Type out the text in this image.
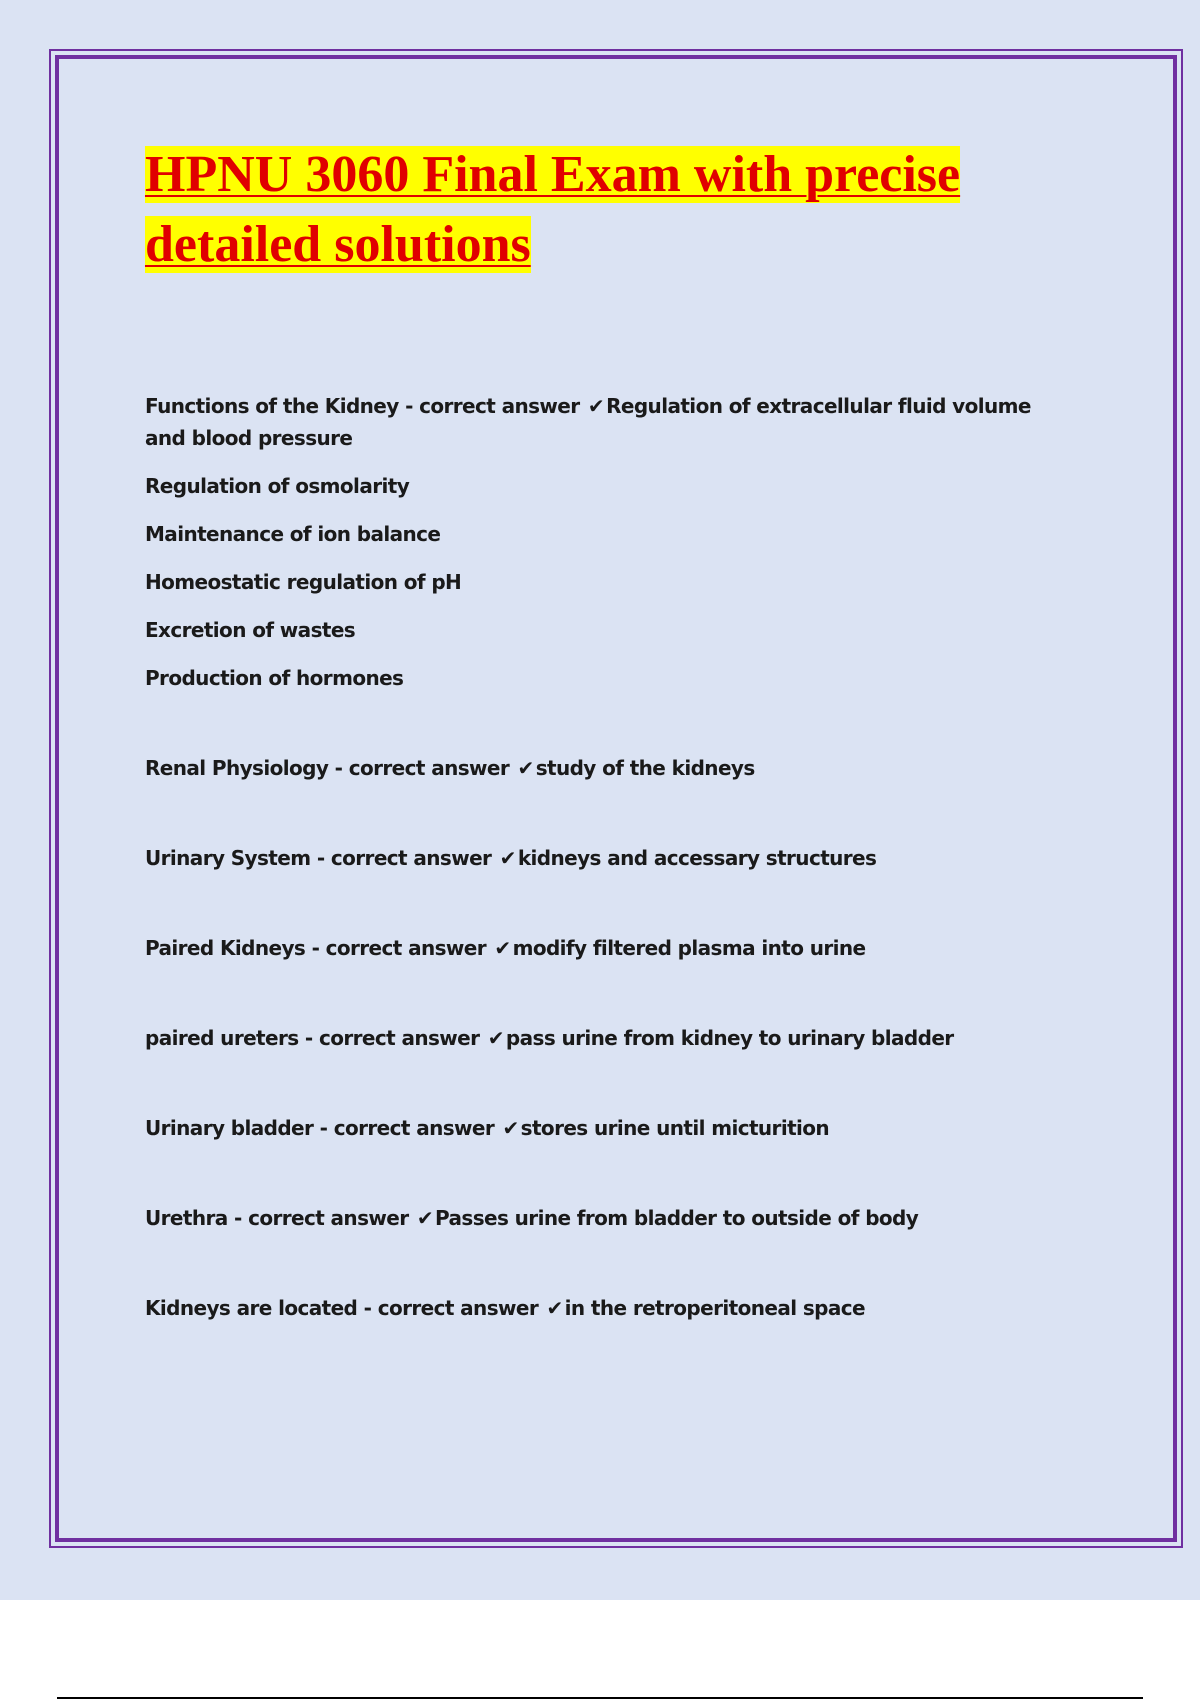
HPNU 3060 Final Exam with precise detailed solutions
Functions of the Kidney - correct answer ✔ Regulation of extracellular fluid volume and blood pressure
Regulation of osmolarity
Maintenance of ion balance
Homeostatic regulation of pH
Excretion of wastes
Production of hormones
Renal Physiology - correct answer ✔ study of the kidneys
Urinary System - correct answer ✔ kidneys and accessary structures
Paired Kidneys - correct answer ✔ modify filtered plasma into urine
paired ureters - correct answer ✔ pass urine from kidney to urinary bladder
Urinary bladder - correct answer ✔ stores urine until micturition
Urethra - correct answer ✔ Passes urine from bladder to outside of body
Kidneys are located - correct answer ✔ in the retroperitoneal space
